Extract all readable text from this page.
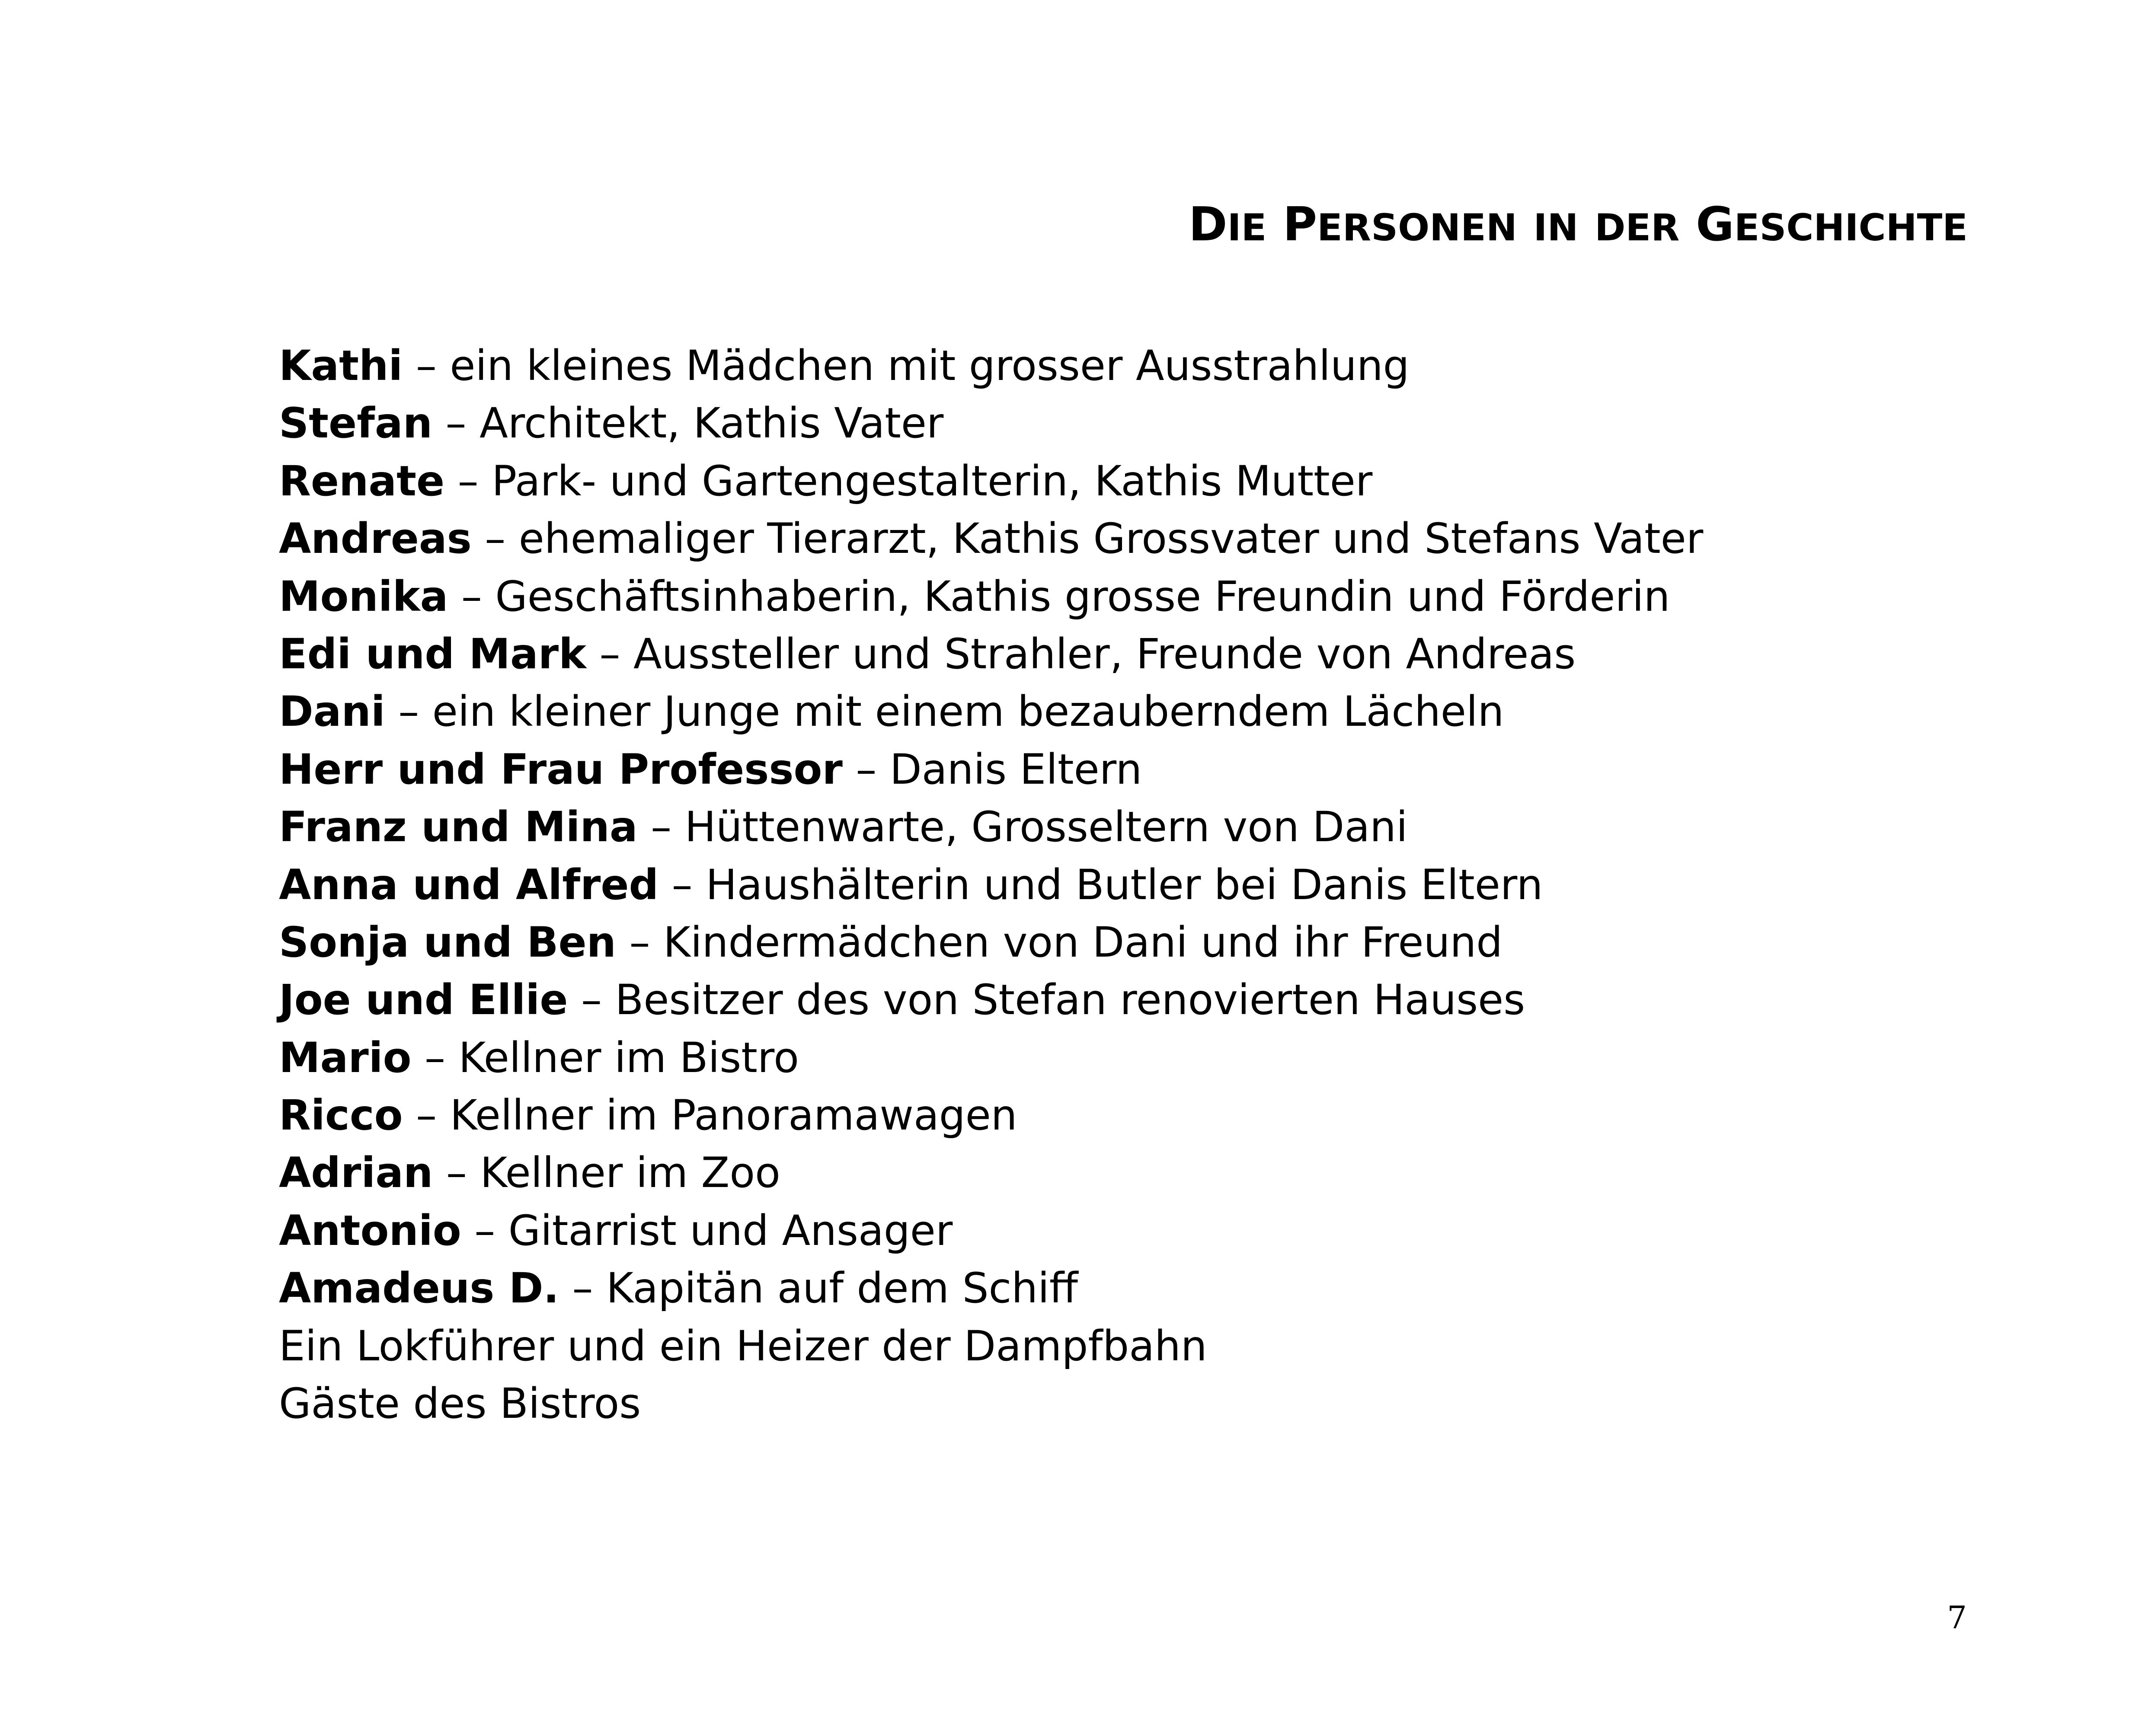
DIE PERSONEN IN DER GESCHICHTE
Kathi – ein kleines Mädchen mit grosser Ausstrahlung
Stefan – Architekt, Kathis Vater
Renate – Park- und Gartengestalterin, Kathis Mutter
Andreas – ehemaliger Tierarzt, Kathis Grossvater und Stefans Vater
Monika – Geschäftsinhaberin, Kathis grosse Freundin und Förderin
Edi und Mark – Aussteller und Strahler, Freunde von Andreas
Dani – ein kleiner Junge mit einem bezauberndem Lächeln
Herr und Frau Professor – Danis Eltern
Franz und Mina – Hüttenwarte, Grosseltern von Dani
Anna und Alfred – Haushälterin und Butler bei Danis Eltern
Sonja und Ben – Kindermädchen von Dani und ihr Freund
Joe und Ellie – Besitzer des von Stefan renovierten Hauses
Mario – Kellner im Bistro
Ricco – Kellner im Panoramawagen
Adrian – Kellner im Zoo
Antonio – Gitarrist und Ansager
Amadeus D. – Kapitän auf dem Schiff
Ein Lokführer und ein Heizer der Dampfbahn
Gäste des Bistros
7
